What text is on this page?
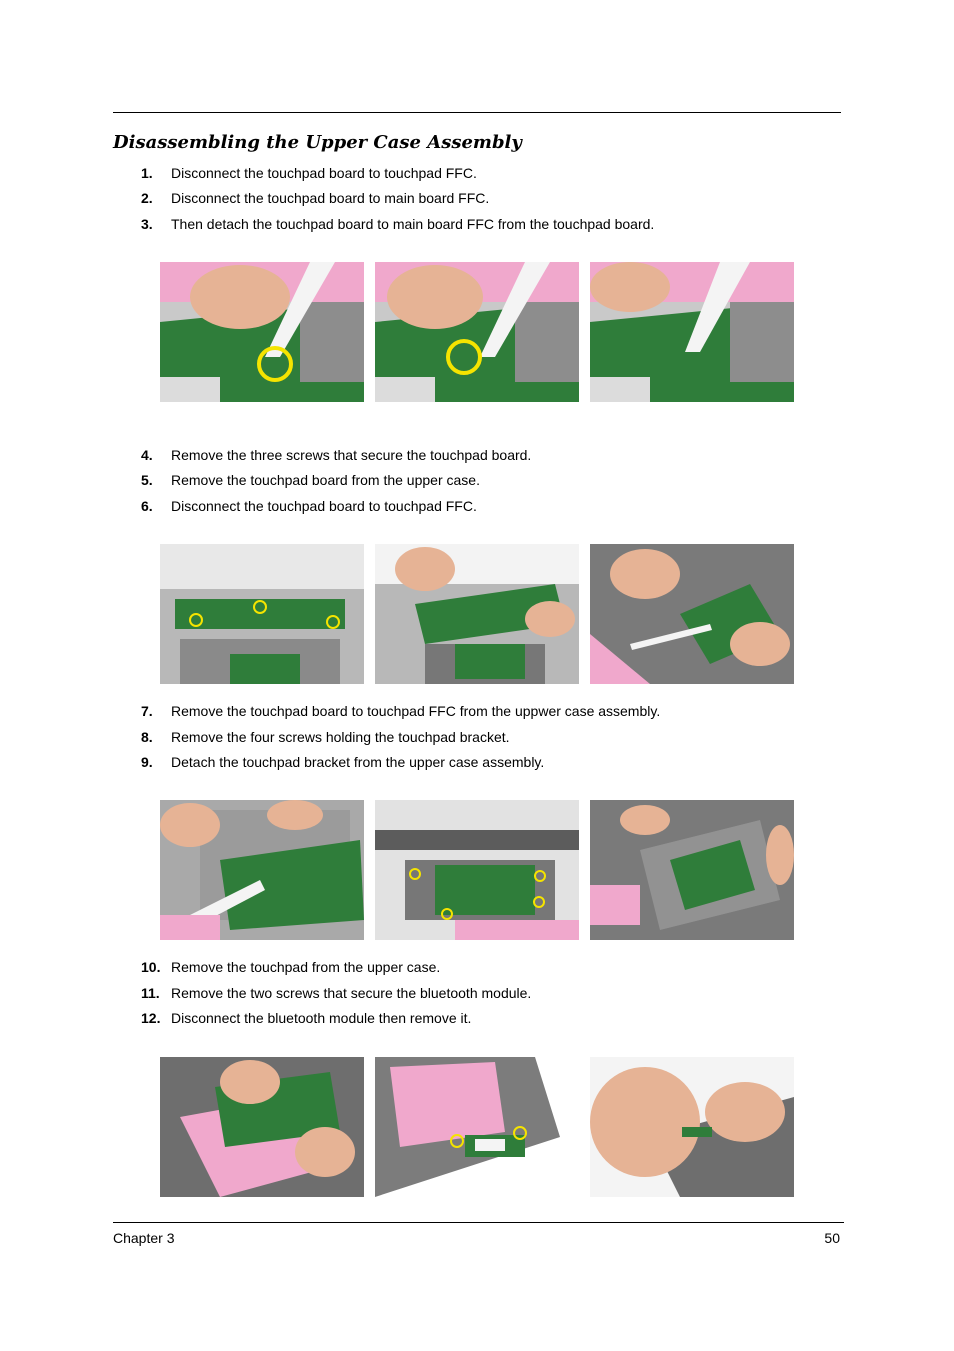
Disassembling the Upper Case Assembly
1. Disconnect the touchpad board to touchpad FFC.
2. Disconnect the touchpad board to main board FFC.
3. Then detach the touchpad board to main board FFC from the touchpad board.
4. Remove the three screws that secure the touchpad board.
5. Remove the touchpad board from the upper case.
6. Disconnect the touchpad board to touchpad FFC.
7. Remove the touchpad board to touchpad FFC from the uppwer case assembly.
8. Remove the four screws holding the touchpad bracket.
9. Detach the touchpad bracket from the upper case assembly.
10. Remove the touchpad from the upper case.
11. Remove the two screws that secure the bluetooth module.
12. Disconnect the bluetooth module then remove it.
Chapter 3	50
